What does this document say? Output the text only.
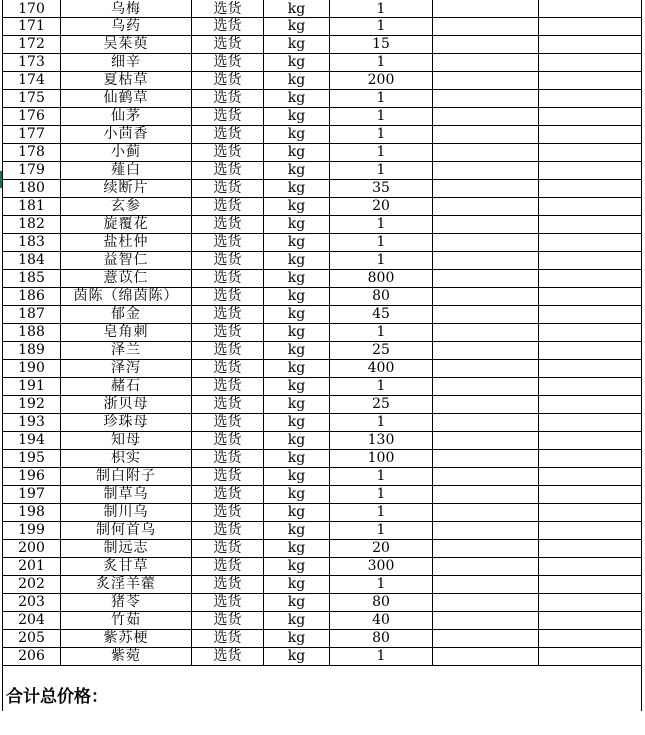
170	乌梅	选货	kg	1		
171	乌药	选货	kg	1		
172	吴茱萸	选货	kg	15		
173	细辛	选货	kg	1		
174	夏枯草	选货	kg	200		
175	仙鹤草	选货	kg	1		
176	仙茅	选货	kg	1		
177	小茴香	选货	kg	1		
178	小蓟	选货	kg	1		
179	薤白	选货	kg	1		
180	续断片	选货	kg	35		
181	玄参	选货	kg	20		
182	旋覆花	选货	kg	1		
183	盐杜仲	选货	kg	1		
184	益智仁	选货	kg	1		
185	薏苡仁	选货	kg	800		
186	茵陈（绵茵陈）	选货	kg	80		
187	郁金	选货	kg	45		
188	皂角刺	选货	kg	1		
189	泽兰	选货	kg	25		
190	泽泻	选货	kg	400		
191	赭石	选货	kg	1		
192	浙贝母	选货	kg	25		
193	珍珠母	选货	kg	1		
194	知母	选货	kg	130		
195	枳实	选货	kg	100		
196	制白附子	选货	kg	1		
197	制草乌	选货	kg	1		
198	制川乌	选货	kg	1		
199	制何首乌	选货	kg	1		
200	制远志	选货	kg	20		
201	炙甘草	选货	kg	300		
202	炙淫羊藿	选货	kg	1		
203	猪苓	选货	kg	80		
204	竹茹	选货	kg	40		
205	紫苏梗	选货	kg	80		
206	紫菀	选货	kg	1		
合计总价格：						
